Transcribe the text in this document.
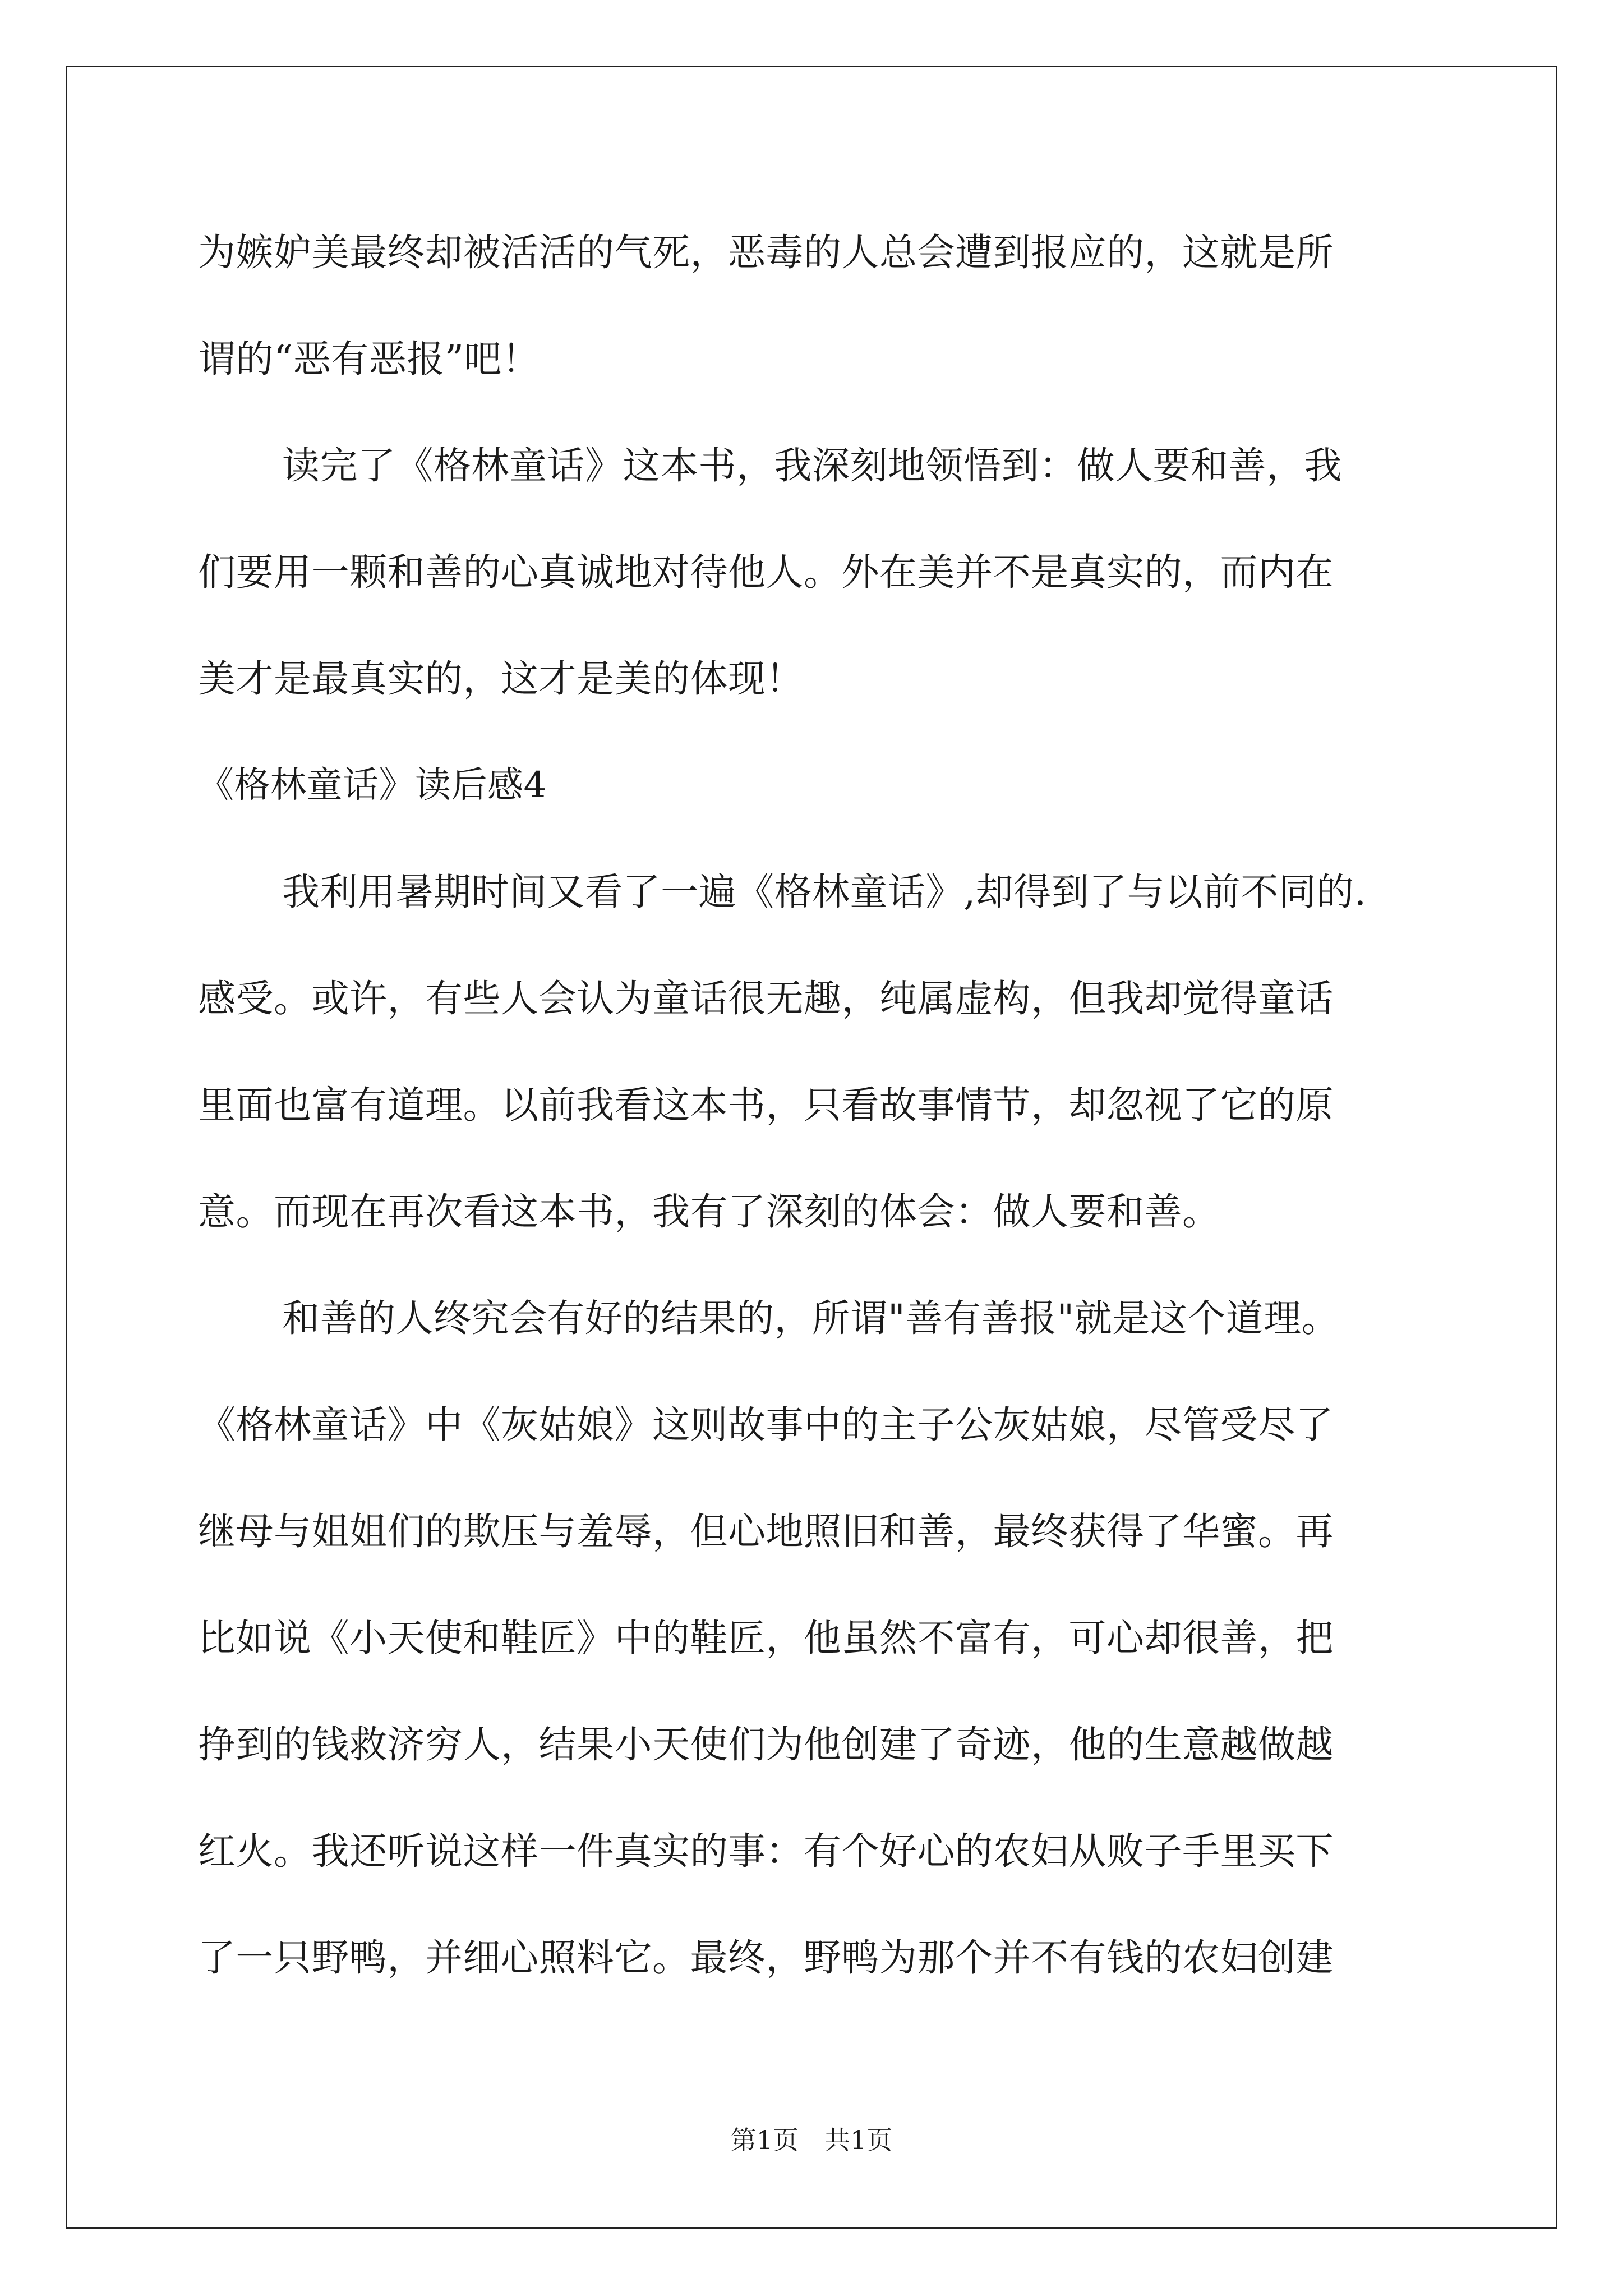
为嫉妒美最终却被活活的气死，恶毒的人总会遭到报应的，这就是所
谓的“恶有恶报”吧！
读完了《格林童话》这本书，我深刻地领悟到：做人要和善，我
们要用一颗和善的心真诚地对待他人。外在美并不是真实的，而内在
美才是最真实的，这才是美的体现！
《格林童话》读后感4
我利用暑期时间又看了一遍《格林童话》,却得到了与以前不同的.
感受。或许，有些人会认为童话很无趣，纯属虚构，但我却觉得童话
里面也富有道理。以前我看这本书，只看故事情节，却忽视了它的原
意。而现在再次看这本书，我有了深刻的体会：做人要和善。
和善的人终究会有好的结果的，所谓"善有善报"就是这个道理。
《格林童话》中《灰姑娘》这则故事中的主子公灰姑娘，尽管受尽了
继母与姐姐们的欺压与羞辱，但心地照旧和善，最终获得了华蜜。再
比如说《小天使和鞋匠》中的鞋匠，他虽然不富有，可心却很善，把
挣到的钱救济穷人，结果小天使们为他创建了奇迹，他的生意越做越
红火。我还听说这样一件真实的事：有个好心的农妇从败子手里买下
了一只野鸭，并细心照料它。最终，野鸭为那个并不有钱的农妇创建
第1页　共1页
